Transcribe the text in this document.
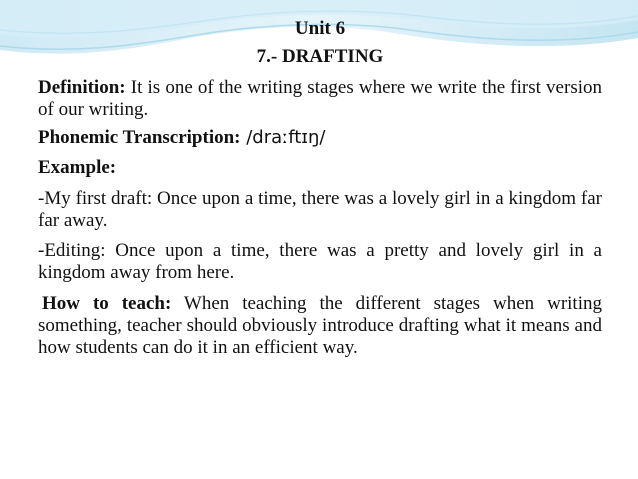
Unit 6

7.- DRAFTING

Definition: It is one of the writing stages where we write the first version of our writing.

Phonemic Transcription: /draːftɪŋ/

Example:

-My first draft: Once upon a time, there was a lovely girl in a kingdom far far away.

-Editing: Once upon a time, there was a pretty and lovely girl in a kingdom away from here.

How to teach: When teaching the different stages when writing something, teacher should obviously introduce drafting what it means and how students can do it in an efficient way.
